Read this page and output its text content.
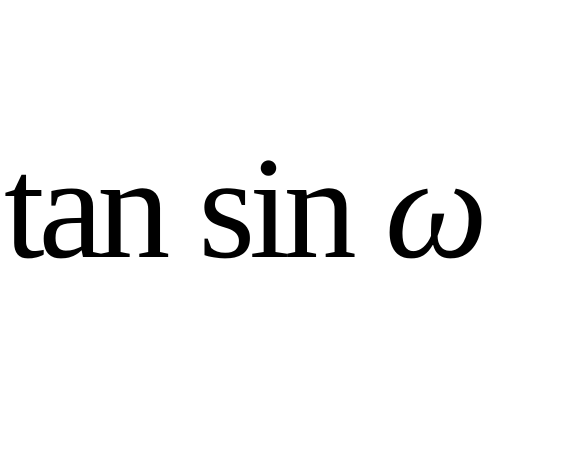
tan sin ω
